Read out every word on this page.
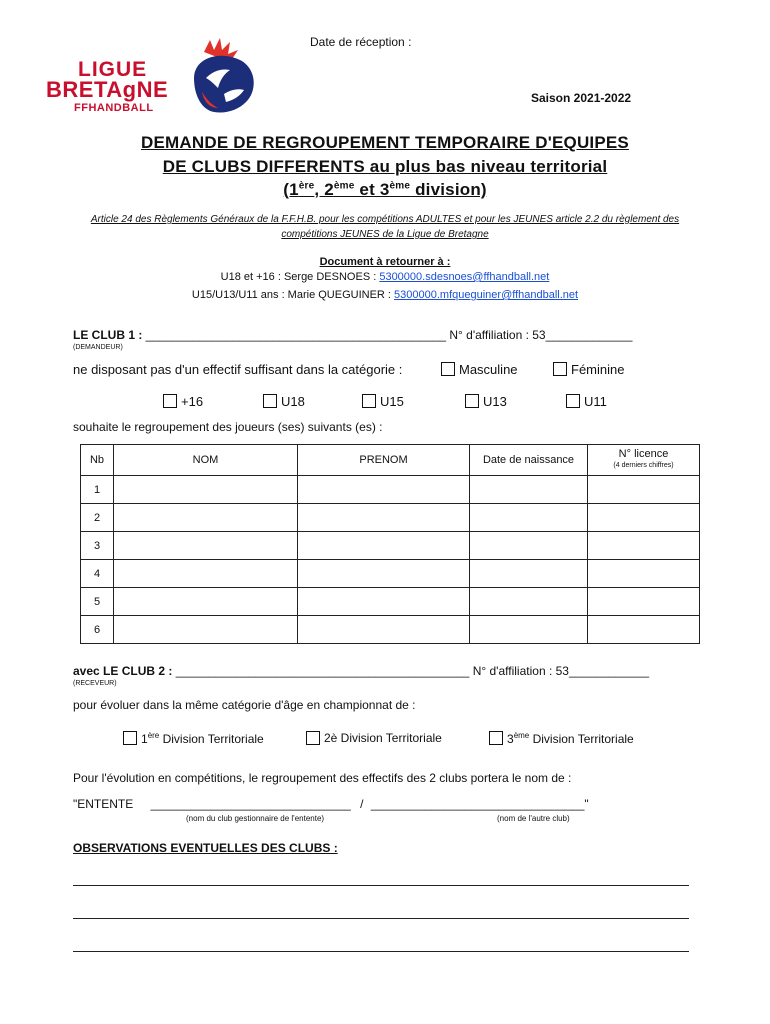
Date de réception :
LIGUE
BRETAgNE
FFHANDBALL
Saison 2021-2022
DEMANDE DE REGROUPEMENT TEMPORAIRE D'EQUIPES
DE CLUBS DIFFERENTS au plus bas niveau territorial
(1ère, 2ème et 3ème division)
Article 24 des Règlements Généraux de la F.F.H.B. pour les compétitions ADULTES et pour les JEUNES article 2.2 du règlement des
compétitions JEUNES de la Ligue de Bretagne
Document à retourner à :
U18 et +16 : Serge DESNOES : 5300000.sdesnoes@ffhandball.net
U15/U13/U11 ans : Marie QUEGUINER : 5300000.mfqueguiner@ffhandball.net
LE CLUB 1 : _____________________________________________ N° d'affiliation : 53_____________
(DEMANDEUR)
ne disposant pas d'un effectif suffisant dans la catégorie :	Masculine	Féminine
+16	U18	U15	U13	U11
souhaite le regroupement des joueurs (ses) suivants (es) :
Nb	NOM	PRENOM	Date de naissance	N° licence
(4 derniers chiffres)

1				
2				
3				
4				
5				
6				
avec LE CLUB 2 : ____________________________________________ N° d'affiliation : 53____________
(RECEVEUR)
pour évoluer dans la même catégorie d'âge en championnat de :
1ère Division Territoriale	2è Division Territoriale	3ème Division Territoriale
Pour l'évolution en compétitions, le regroupement des effectifs des 2 clubs portera le nom de :
"ENTENTE ______________________________ / ________________________________"
(nom du club gestionnaire de l'entente)	(nom de l'autre club)
OBSERVATIONS EVENTUELLES DES CLUBS :
